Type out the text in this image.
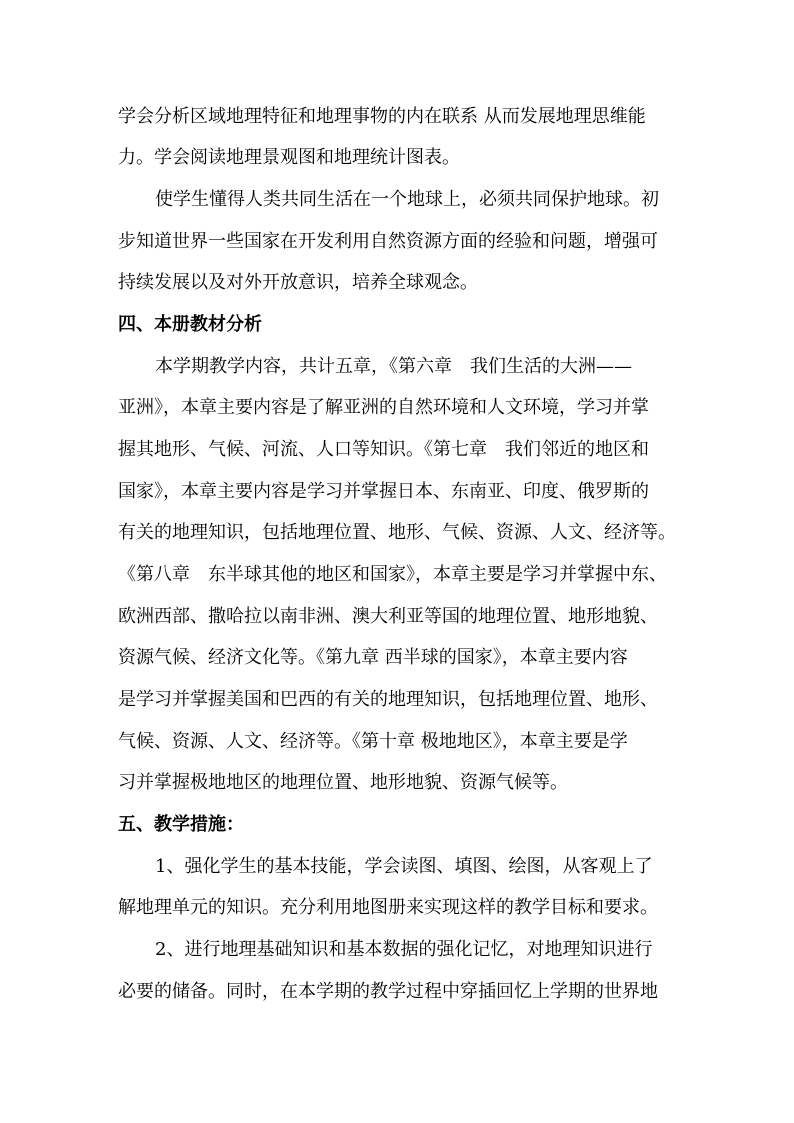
学会分析区域地理特征和地理事物的内在联系 从而发展地理思维能
力。学会阅读地理景观图和地理统计图表。
使学生懂得人类共同生活在一个地球上，必须共同保护地球。初
步知道世界一些国家在开发利用自然资源方面的经验和问题，增强可
持续发展以及对外开放意识，培养全球观念。
四、本册教材分析
本学期教学内容，共计五章，《第六章　我们生活的大洲——
亚洲》，本章主要内容是了解亚洲的自然环境和人文环境，学习并掌
握其地形、气候、河流、人口等知识。《第七章　我们邻近的地区和
国家》，本章主要内容是学习并掌握日本、东南亚、印度、俄罗斯的
有关的地理知识，包括地理位置、地形、气候、资源、人文、经济等。
《第八章　东半球其他的地区和国家》，本章主要是学习并掌握中东、
欧洲西部、撒哈拉以南非洲、澳大利亚等国的地理位置、地形地貌、
资源气候、经济文化等。《第九章 西半球的国家》，本章主要内容
是学习并掌握美国和巴西的有关的地理知识，包括地理位置、地形、
气候、资源、人文、经济等。《第十章 极地地区》，本章主要是学
习并掌握极地地区的地理位置、地形地貌、资源气候等。
五、教学措施：
1、强化学生的基本技能，学会读图、填图、绘图，从客观上了
解地理单元的知识。充分利用地图册来实现这样的教学目标和要求。
2、进行地理基础知识和基本数据的强化记忆，对地理知识进行
必要的储备。同时，在本学期的教学过程中穿插回忆上学期的世界地
